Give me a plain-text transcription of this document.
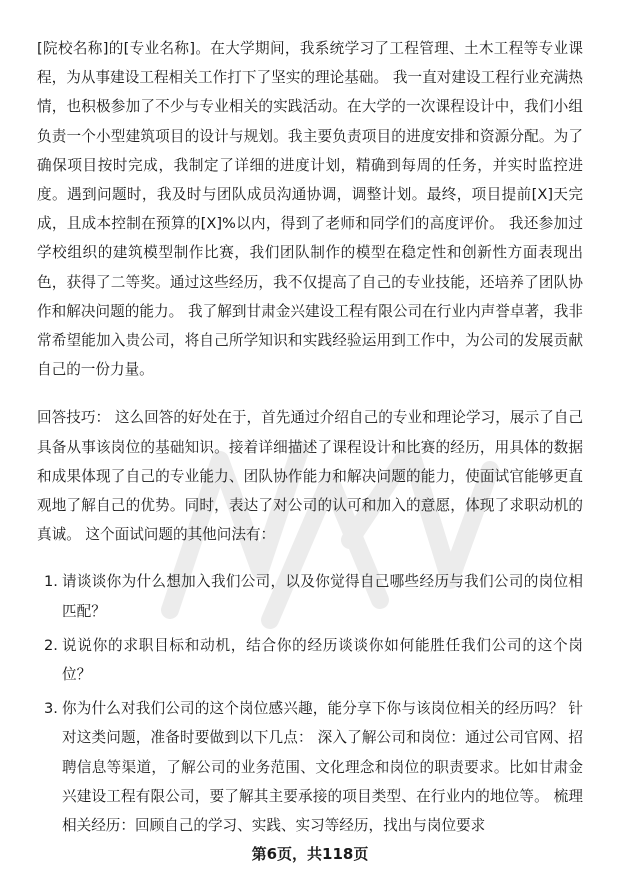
[院校名称]的[专业名称]。在大学期间，我系统学习了工程管理、土木工程等专业课程，为从事建设工程相关工作打下了坚实的理论基础。 我一直对建设工程行业充满热情，也积极参加了不少与专业相关的实践活动。在大学的一次课程设计中，我们小组负责一个小型建筑项目的设计与规划。我主要负责项目的进度安排和资源分配。为了确保项目按时完成，我制定了详细的进度计划，精确到每周的任务，并实时监控进度。遇到问题时，我及时与团队成员沟通协调，调整计划。最终，项目提前[X]天完成，且成本控制在预算的[X]%以内，得到了老师和同学们的高度评价。 我还参加过学校组织的建筑模型制作比赛，我们团队制作的模型在稳定性和创新性方面表现出色，获得了二等奖。通过这些经历，我不仅提高了自己的专业技能，还培养了团队协作和解决问题的能力。 我了解到甘肃金兴建设工程有限公司在行业内声誉卓著，我非常希望能加入贵公司，将自己所学知识和实践经验运用到工作中，为公司的发展贡献自己的一份力量。

回答技巧： 这么回答的好处在于，首先通过介绍自己的专业和理论学习，展示了自己具备从事该岗位的基础知识。接着详细描述了课程设计和比赛的经历，用具体的数据和成果体现了自己的专业能力、团队协作能力和解决问题的能力，使面试官能够更直观地了解自己的优势。同时，表达了对公司的认可和加入的意愿，体现了求职动机的真诚。 这个面试问题的其他问法有：

1. 请谈谈你为什么想加入我们公司，以及你觉得自己哪些经历与我们公司的岗位相匹配？
2. 说说你的求职目标和动机，结合你的经历谈谈你如何能胜任我们公司的这个岗位？
3. 你为什么对我们公司的这个岗位感兴趣，能分享下你与该岗位相关的经历吗？ 针对这类问题，准备时要做到以下几点： 深入了解公司和岗位：通过公司官网、招聘信息等渠道，了解公司的业务范围、文化理念和岗位的职责要求。比如甘肃金兴建设工程有限公司，要了解其主要承接的项目类型、在行业内的地位等。 梳理相关经历：回顾自己的学习、实践、实习等经历，找出与岗位要求
第6页，共118页
